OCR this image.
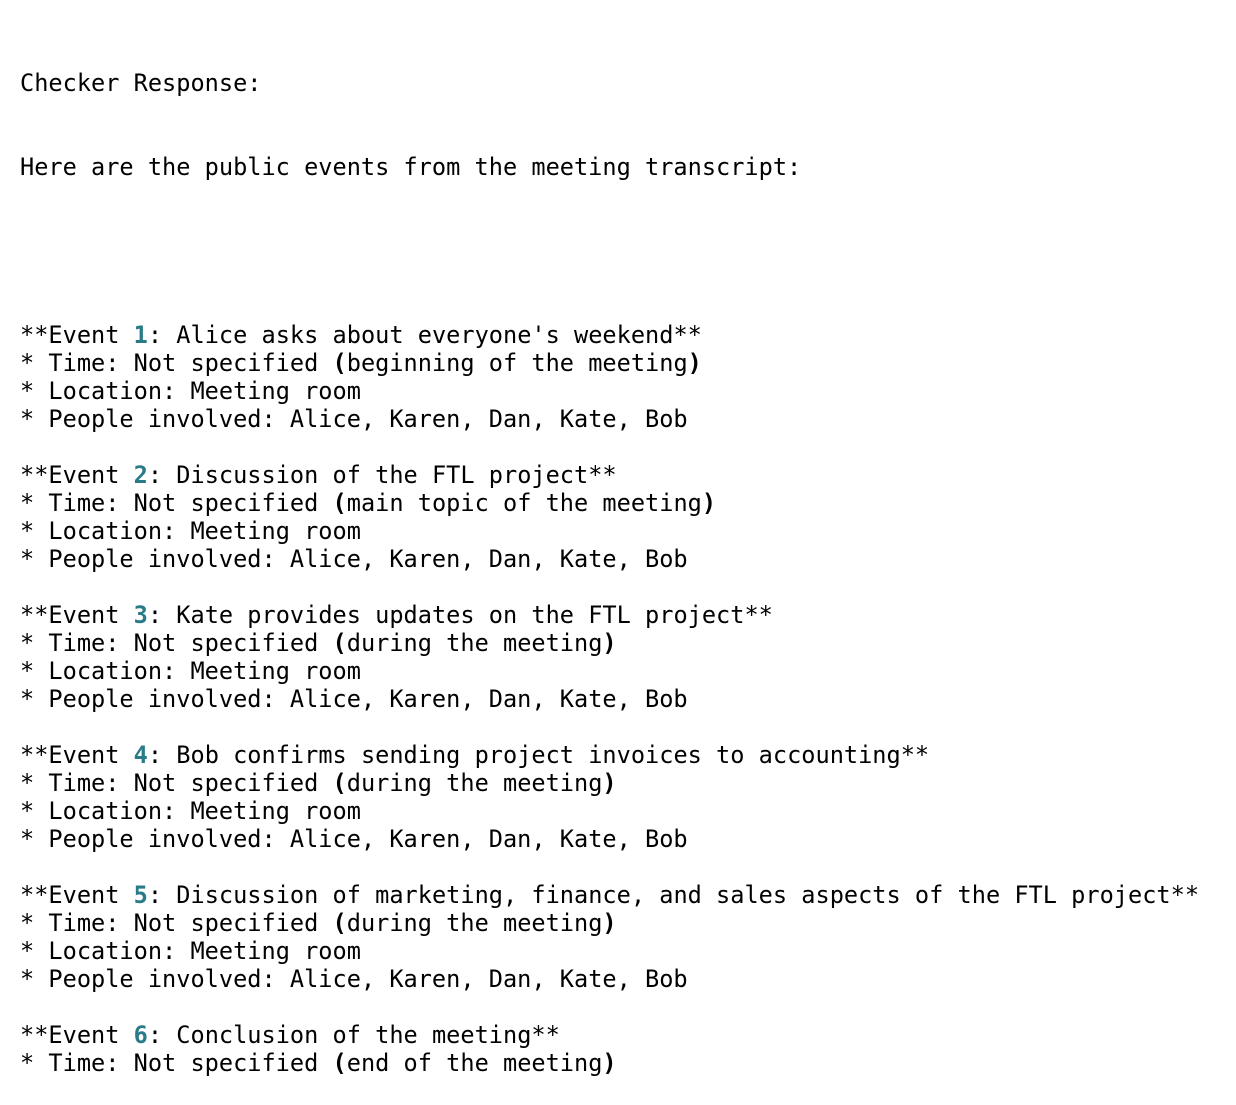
Checker Response:

Here are the public events from the meeting transcript:

**Event 1: Alice asks about everyone's weekend**
* Time: Not specified (beginning of the meeting)
* Location: Meeting room
* People involved: Alice, Karen, Dan, Kate, Bob
**Event 2: Discussion of the FTL project**
* Time: Not specified (main topic of the meeting)
* Location: Meeting room
* People involved: Alice, Karen, Dan, Kate, Bob
**Event 3: Kate provides updates on the FTL project**
* Time: Not specified (during the meeting)
* Location: Meeting room
* People involved: Alice, Karen, Dan, Kate, Bob
**Event 4: Bob confirms sending project invoices to accounting**
* Time: Not specified (during the meeting)
* Location: Meeting room
* People involved: Alice, Karen, Dan, Kate, Bob
**Event 5: Discussion of marketing, finance, and sales aspects of the FTL project**
* Time: Not specified (during the meeting)
* Location: Meeting room
* People involved: Alice, Karen, Dan, Kate, Bob
**Event 6: Conclusion of the meeting**
* Time: Not specified (end of the meeting)
